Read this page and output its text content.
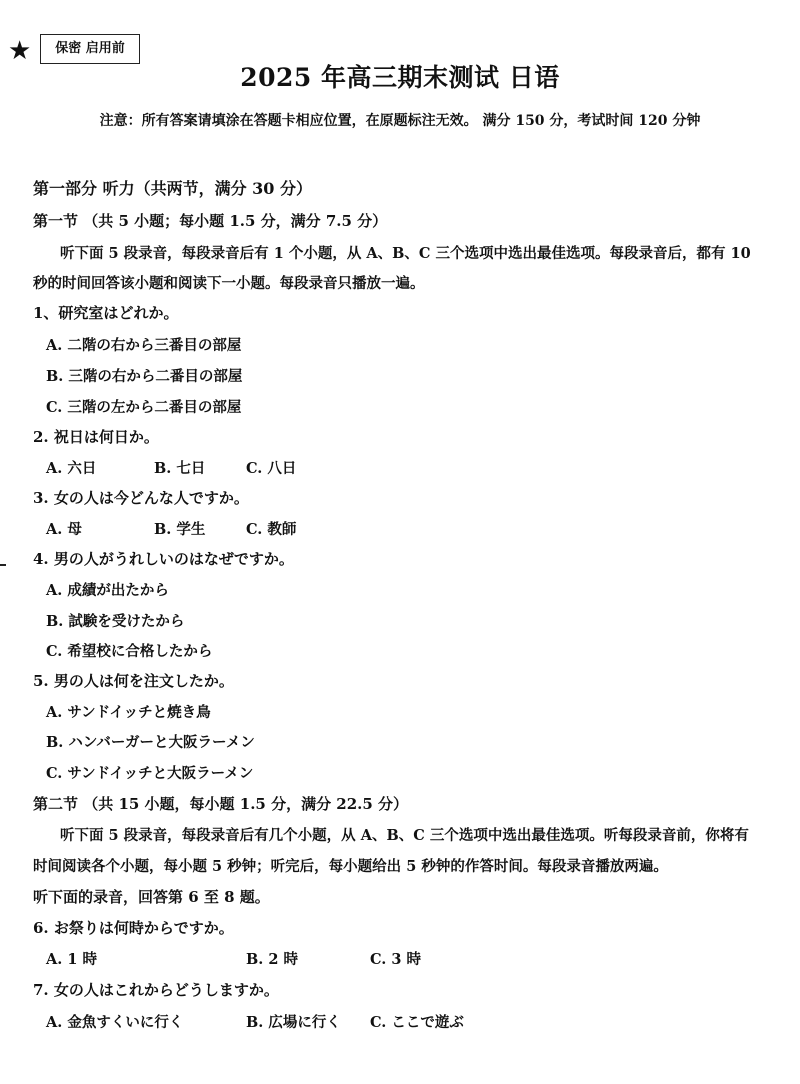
★	保密 启用前
2025 年高三期末测试 日语
注意：所有答案请填涂在答题卡相应位置，在原题标注无效。 满分 150 分，考试时间 120 分钟
第一部分 听力（共两节，满分 30 分）
第一节 （共 5 小题；每小题 1.5 分，满分 7.5 分）
听下面 5 段录音，每段录音后有 1 个小题，从 A、B、C 三个选项中选出最佳选项。每段录音后，都有 10
秒的时间回答该小题和阅读下一小题。每段录音只播放一遍。
1、研究室はどれか。
A. 二階の右から三番目の部屋
B. 三階の右から二番目の部屋
C. 三階の左から二番目の部屋
2. 祝日は何日か。
A. 六日	B. 七日	C. 八日
3. 女の人は今どんな人ですか。
A. 母	B. 学生	C. 教師
4. 男の人がうれしいのはなぜですか。
A. 成績が出たから
B. 試験を受けたから
C. 希望校に合格したから
5. 男の人は何を注文したか。
A. サンドイッチと焼き鳥
B. ハンバーガーと大阪ラーメン
C. サンドイッチと大阪ラーメン
第二节 （共 15 小题，每小题 1.5 分，满分 22.5 分）
听下面 5 段录音，每段录音后有几个小题，从 A、B、C 三个选项中选出最佳选项。听每段录音前，你将有
时间阅读各个小题，每小题 5 秒钟；听完后，每小题给出 5 秒钟的作答时间。每段录音播放两遍。
听下面的录音，回答第 6 至 8 题。
6. お祭りは何時からですか。
A. 1 時	B. 2 時	C. 3 時
7. 女の人はこれからどうしますか。
A. 金魚すくいに行く	B. 広場に行く C. ここで遊ぶ
